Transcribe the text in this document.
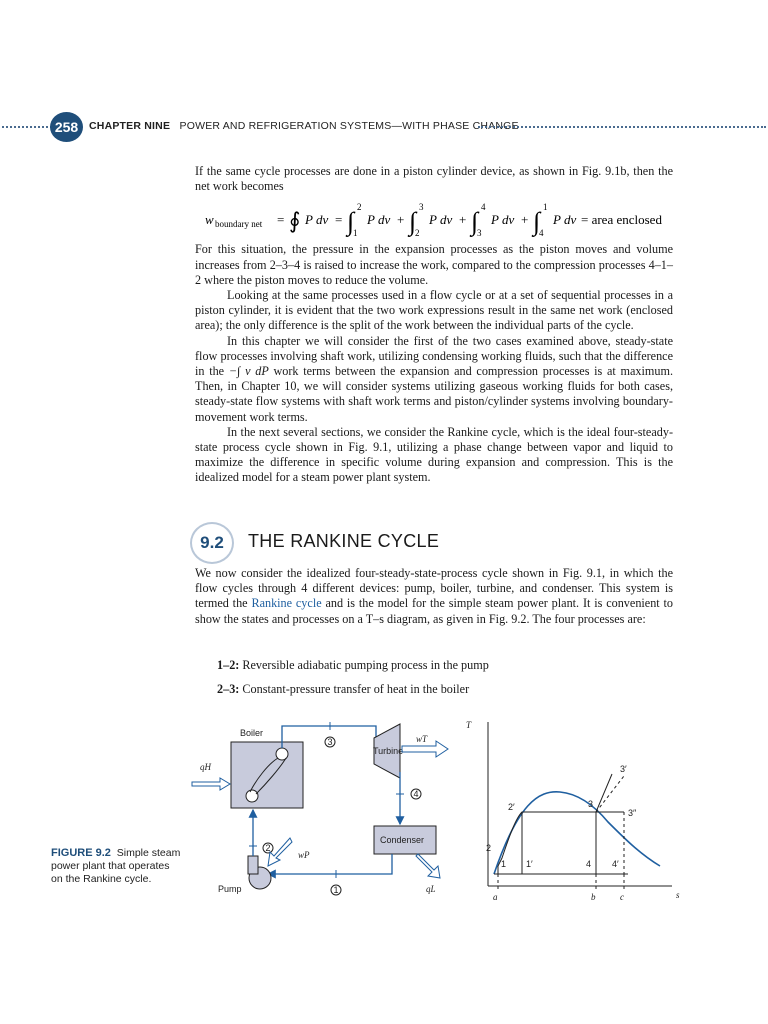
258	CHAPTER NINE POWER AND REFRIGERATION SYSTEMS—WITH PHASE CHANGE

If the same cycle processes are done in a piston cylinder device, as shown in Fig. 9.1b, then the net work becomes

w boundary net = ∮ P dv = ∫ 2
1
P dv + ∫ 3
2
P dv + ∫ 4
3
P dv + ∫ 1
4
P dv = area enclosed

For this situation, the pressure in the expansion processes as the piston moves and volume increases from 2–3–4 is raised to increase the work, compared to the compression processes 4–1–2 where the piston moves to reduce the volume.

Looking at the same processes used in a flow cycle or at a set of sequential processes in a piston cylinder, it is evident that the two work expressions result in the same net work (enclosed area); the only difference is the split of the work between the individual parts of the cycle.

In this chapter we will consider the first of the two cases examined above, steady-state flow processes involving shaft work, utilizing condensing working fluids, such that the difference in the −∫ v dP work terms between the expansion and compression processes is at maximum. Then, in Chapter 10, we will consider systems utilizing gaseous working fluids for both cases, steady-state flow systems with shaft work terms and piston/cylinder systems involving boundary-movement work terms.

In the next several sections, we consider the Rankine cycle, which is the ideal four-steady-state process cycle shown in Fig. 9.1, utilizing a phase change between vapor and liquid to maximize the difference in specific volume during expansion and compression. This is the idealized model for a steam power plant system.

9.2	THE RANKINE CYCLE

We now consider the idealized four-steady-state-process cycle shown in Fig. 9.1, in which the flow cycles through 4 different devices: pump, boiler, turbine, and condenser. This system is termed the Rankine cycle and is the model for the simple steam power plant. It is convenient to show the states and processes on a T–s diagram, as given in Fig. 9.2. The four processes are:

1–2: Reversible adiabatic pumping process in the pump
2–3: Constant-pressure transfer of heat in the boiler
FIGURE 9.2 Simple steam power plant that operates on the Rankine cycle.
Boiler
qH
3
Turbine
wT
4
Condenser
1	qL
Pump
2
wP
T
s
1 1′
2
2′	3
3′
3″
4 4′
a	b	c
